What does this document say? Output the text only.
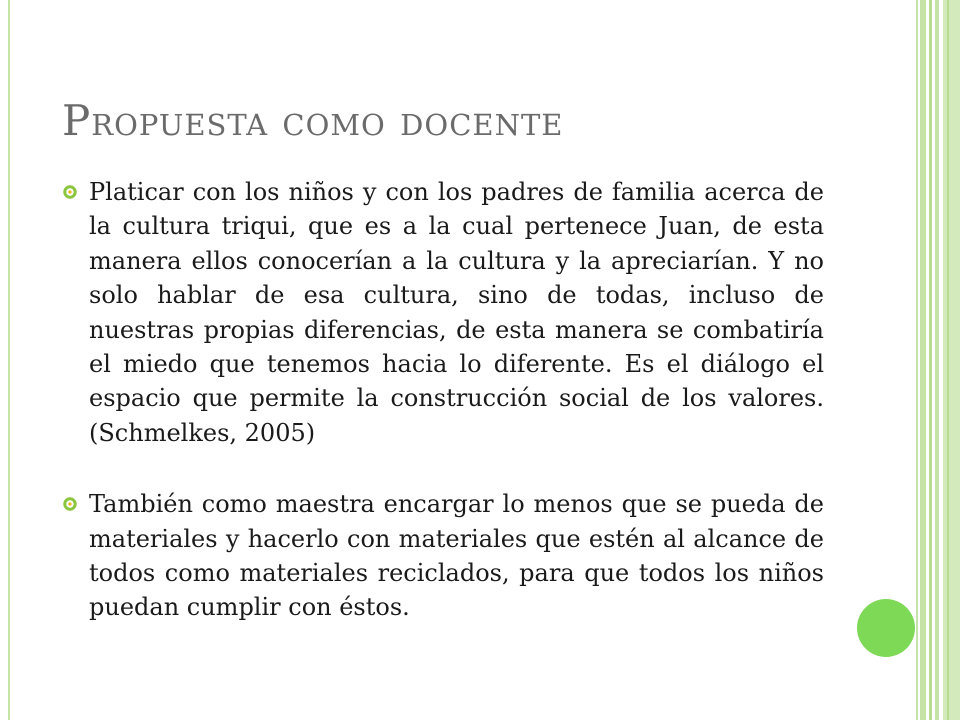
Propuesta como docente
Platicar con los niños y con los padres de familia acerca de la cultura triqui, que es a la cual pertenece Juan, de esta manera ellos conocerían a la cultura y la apreciarían. Y no solo hablar de esa cultura, sino de todas, incluso de nuestras propias diferencias, de esta manera se combatiría el miedo que tenemos hacia lo diferente. Es el diálogo el espacio que permite la construcción social de los valores. (Schmelkes, 2005)
También como maestra encargar lo menos que se pueda de materiales y hacerlo con materiales que estén al alcance de todos como materiales reciclados, para que todos los niños puedan cumplir con éstos.
